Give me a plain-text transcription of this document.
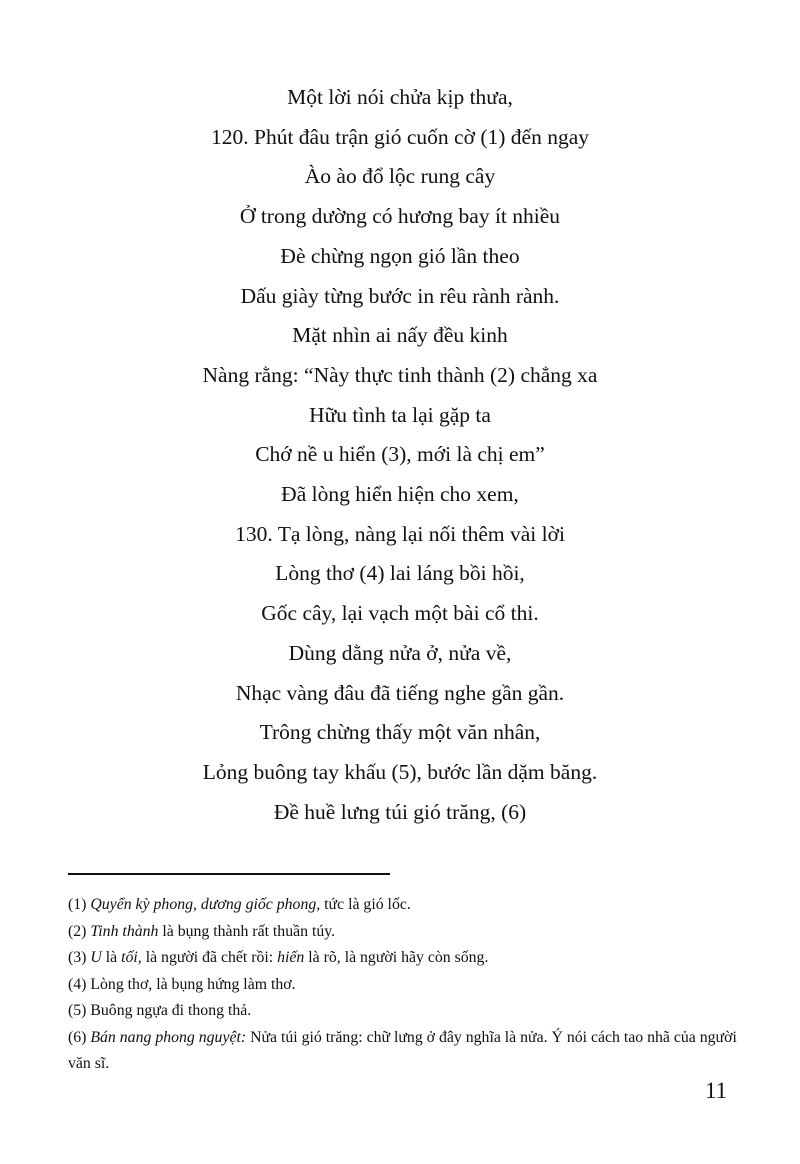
Một lời nói chửa kịp thưa,
120. Phút đâu trận gió cuốn cờ (1) đến ngay
Ào ào đổ lộc rung cây
Ở trong dường có hương bay ít nhiều
Đè chừng ngọn gió lần theo
Dấu giày từng bước in rêu rành rành.
Mặt nhìn ai nấy đều kinh
Nàng rằng: “Này thực tinh thành (2) chẳng xa
Hữu tình ta lại gặp ta
Chớ nề u hiển (3), mới là chị em”
Đã lòng hiển hiện cho xem,
130. Tạ lòng, nàng lại nối thêm vài lời
Lòng thơ (4) lai láng bồi hồi,
Gốc cây, lại vạch một bài cổ thi.
Dùng dằng nửa ở, nửa về,
Nhạc vàng đâu đã tiếng nghe gần gần.
Trông chừng thấy một văn nhân,
Lỏng buông tay khấu (5), bước lần dặm băng.
Đề huề lưng túi gió trăng, (6)
(1) Quyển kỳ phong, dương giốc phong, tức là gió lốc.
(2) Tinh thành là bụng thành rất thuần túy.
(3) U là tối, là người đã chết rồi: hiển là rõ, là người hãy còn sống.
(4) Lòng thơ, là bụng hứng làm thơ.
(5) Buông ngựa đi thong thả.
(6) Bán nang phong nguyệt: Nửa túi gió trăng: chữ lưng ở đây nghĩa là nửa. Ý nói cách tao nhã của người văn sĩ.
11
